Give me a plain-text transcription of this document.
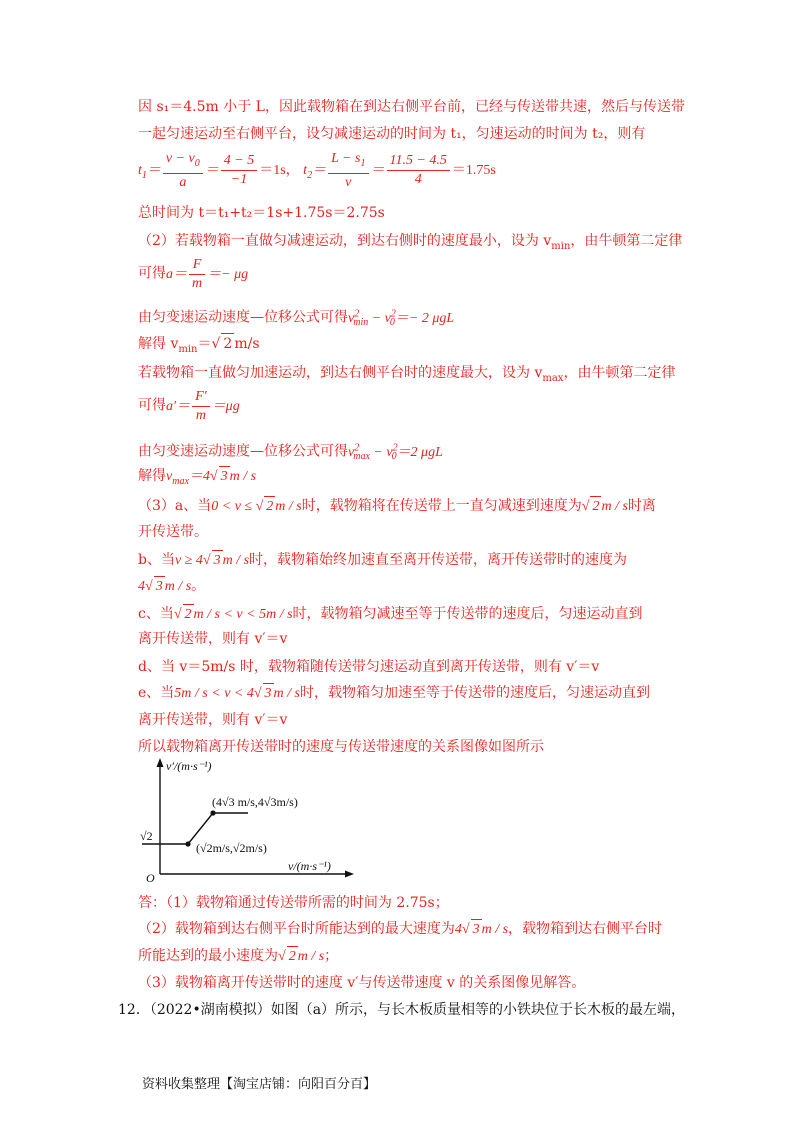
因 s₁＝4.5m 小于 L，因此载物箱在到达右侧平台前，已经与传送带共速，然后与传送带
一起匀速运动至右侧平台，设匀减速运动的时间为 t₁，匀速运动的时间为 t₂，则有
$t_1= \frac{v - v_0}{a} = \frac{4 - 5}{-1} =1s$， $t_2= \frac{L - s_1}{v} = \frac{11.5 - 4.5}{4} =1.75s$
总时间为 t＝t₁+t₂＝1s+1.75s＝2.75s
（2）若载物箱一直做匀减速运动，到达右侧时的速度最小，设为 $v_{min}$，由牛顿第二定律
可得$a= \frac{F}{m} =- \mu g$
由匀变速运动速度—位移公式可得$v^2_{min} - v^2_0=- 2$ μgL
解得 $v_{min}=√$ 2 m/s
若载物箱一直做匀加速运动，到达右侧平台时的速度最大，设为 $v_{max}$，由牛顿第二定律
可得$a'= \frac{F'}{m} =\mu g$
由匀变速运动速度—位移公式可得$v^2_{max} - v^2_0=2$ μgL
解得$v_{max}=4√$ 3 m / s
（3）a、当0 < v ≤ √ 2 m / s时，载物箱将在传送带上一直匀减速到速度为√ 2 m / s时离
开传送带。
b、当v ≥ 4√ 3 m / s时，载物箱始终加速直至离开传送带，离开传送带时的速度为
4√ 3 m / s。
c、当√ 2 m / s < v < 5m / s时，载物箱匀减速至等于传送带的速度后，匀速运动直到
离开传送带，则有 v′＝v
d、当 v＝5m/s 时，载物箱随传送带匀速运动直到离开传送带，则有 v′＝v
e、当5m / s < v < 4√ 3 m / s时，载物箱匀加速至等于传送带的速度后，匀速运动直到
离开传送带，则有 v′＝v
所以载物箱离开传送带时的速度与传送带速度的关系图像如图所示
v′/(m·s⁻¹)
v/(m·s⁻¹)
O
√2
(√2m/s,√2m/s)
(4√3 m/s,4√3m/s)
答：（1）载物箱通过传送带所需的时间为 2.75s；
（2）载物箱到达右侧平台时所能达到的最大速度为4√ 3 m / s，载物箱到达右侧平台时
所能达到的最小速度为√ 2 m / s；
（3）载物箱离开传送带时的速度 v′与传送带速度 v 的关系图像见解答。
12．（2022•湖南模拟）如图（a）所示，与长木板质量相等的小铁块位于长木板的最左端，
资料收集整理【淘宝店铺：向阳百分百】
